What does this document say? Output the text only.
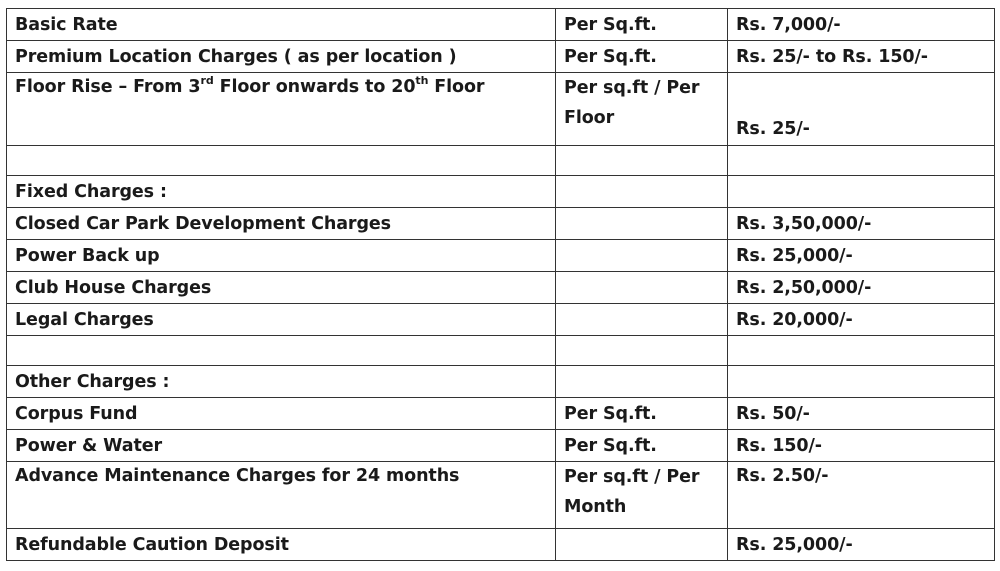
Basic Rate	Per Sq.ft.	Rs. 7,000/-
Premium Location Charges ( as per location )	Per Sq.ft.	Rs. 25/- to Rs. 150/-
Floor Rise – From 3rd Floor onwards to 20th Floor	Per sq.ft / Per Floor	Rs. 25/-

Fixed Charges :		
Closed Car Park Development Charges		Rs. 3,50,000/-
Power Back up		Rs. 25,000/-
Club House Charges		Rs. 2,50,000/-
Legal Charges		Rs. 20,000/-

Other Charges :		
Corpus Fund	Per Sq.ft.	Rs. 50/-
Power & Water	Per Sq.ft.	Rs. 150/-
Advance Maintenance Charges for 24 months	Per sq.ft / Per Month	Rs. 2.50/-
Refundable Caution Deposit		Rs. 25,000/-
